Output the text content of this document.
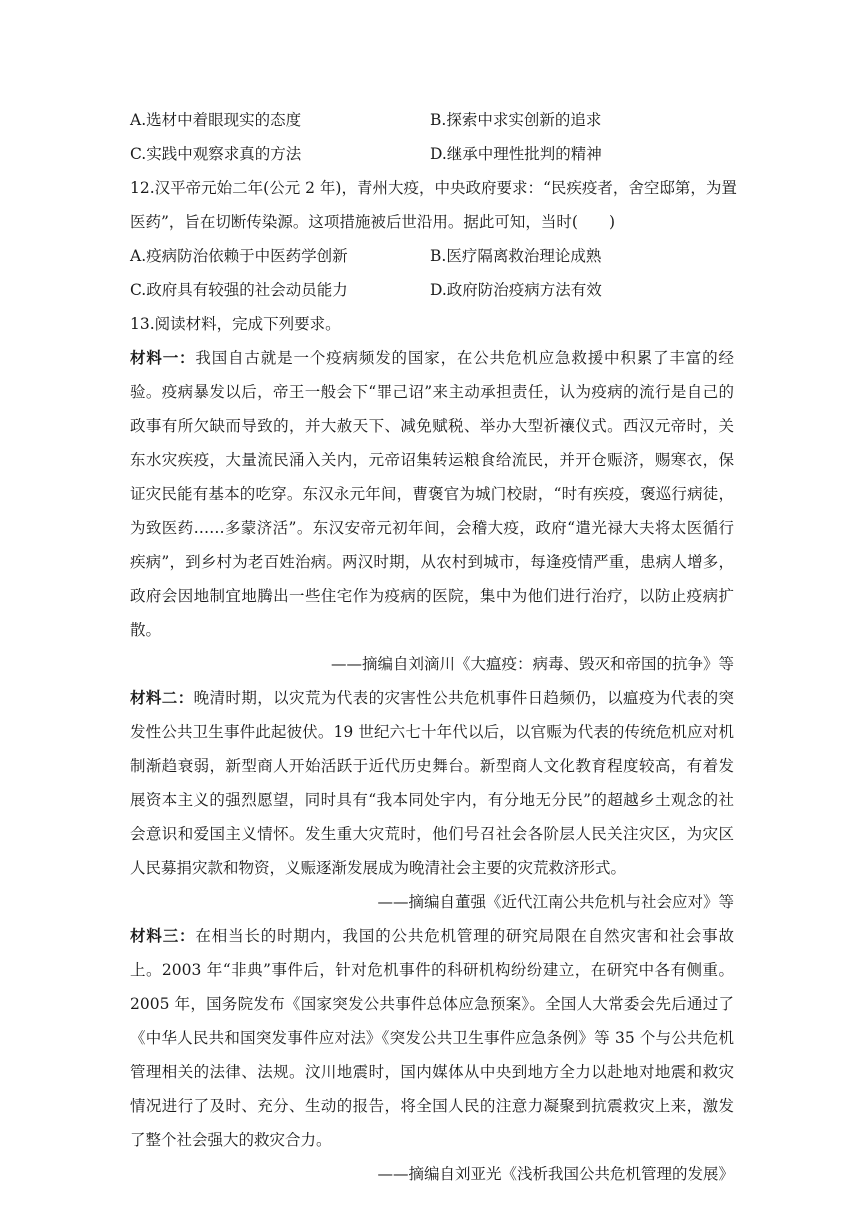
A.选材中着眼现实的态度	B.探索中求实创新的追求
C.实践中观察求真的方法	D.继承中理性批判的精神
12.汉平帝元始二年(公元 2 年)，青州大疫，中央政府要求：“民疾疫者，舍空邸第，为置
医药”，旨在切断传染源。这项措施被后世沿用。据此可知，当时(　　)
A.疫病防治依赖于中医药学创新	B.医疗隔离救治理论成熟
C.政府具有较强的社会动员能力	D.政府防治疫病方法有效
13.阅读材料，完成下列要求。

材料一：我国自古就是一个疫病频发的国家，在公共危机应急救援中积累了丰富的经验。疫病暴发以后，帝王一般会下“罪己诏”来主动承担责任，认为疫病的流行是自己的政事有所欠缺而导致的，并大赦天下、减免赋税、举办大型祈禳仪式。西汉元帝时，关东水灾疾疫，大量流民涌入关内，元帝诏集转运粮食给流民，并开仓赈济，赐寒衣，保证灾民能有基本的吃穿。东汉永元年间，曹褒官为城门校尉，“时有疾疫，褒巡行病徒，为致医药……多蒙济活”。东汉安帝元初年间，会稽大疫，政府“遣光禄大夫将太医循行疾病”，到乡村为老百姓治病。两汉时期，从农村到城市，每逢疫情严重，患病人增多，政府会因地制宜地腾出一些住宅作为疫病的医院，集中为他们进行治疗，以防止疫病扩散。

——摘编自刘滴川《大瘟疫：病毒、毁灭和帝国的抗争》等

材料二：晚清时期，以灾荒为代表的灾害性公共危机事件日趋频仍，以瘟疫为代表的突发性公共卫生事件此起彼伏。19 世纪六七十年代以后，以官赈为代表的传统危机应对机制渐趋衰弱，新型商人开始活跃于近代历史舞台。新型商人文化教育程度较高，有着发展资本主义的强烈愿望，同时具有“我本同处宇内，有分地无分民”的超越乡土观念的社会意识和爱国主义情怀。发生重大灾荒时，他们号召社会各阶层人民关注灾区，为灾区人民募捐灾款和物资，义赈逐渐发展成为晚清社会主要的灾荒救济形式。

——摘编自董强《近代江南公共危机与社会应对》等

材料三：在相当长的时期内，我国的公共危机管理的研究局限在自然灾害和社会事故上。2003 年“非典”事件后，针对危机事件的科研机构纷纷建立，在研究中各有侧重。2005 年，国务院发布《国家突发公共事件总体应急预案》。全国人大常委会先后通过了《中华人民共和国突发事件应对法》《突发公共卫生事件应急条例》等 35 个与公共危机管理相关的法律、法规。汶川地震时，国内媒体从中央到地方全力以赴地对地震和救灾情况进行了及时、充分、生动的报告，将全国人民的注意力凝聚到抗震救灾上来，激发了整个社会强大的救灾合力。

——摘编自刘亚光《浅析我国公共危机管理的发展》
